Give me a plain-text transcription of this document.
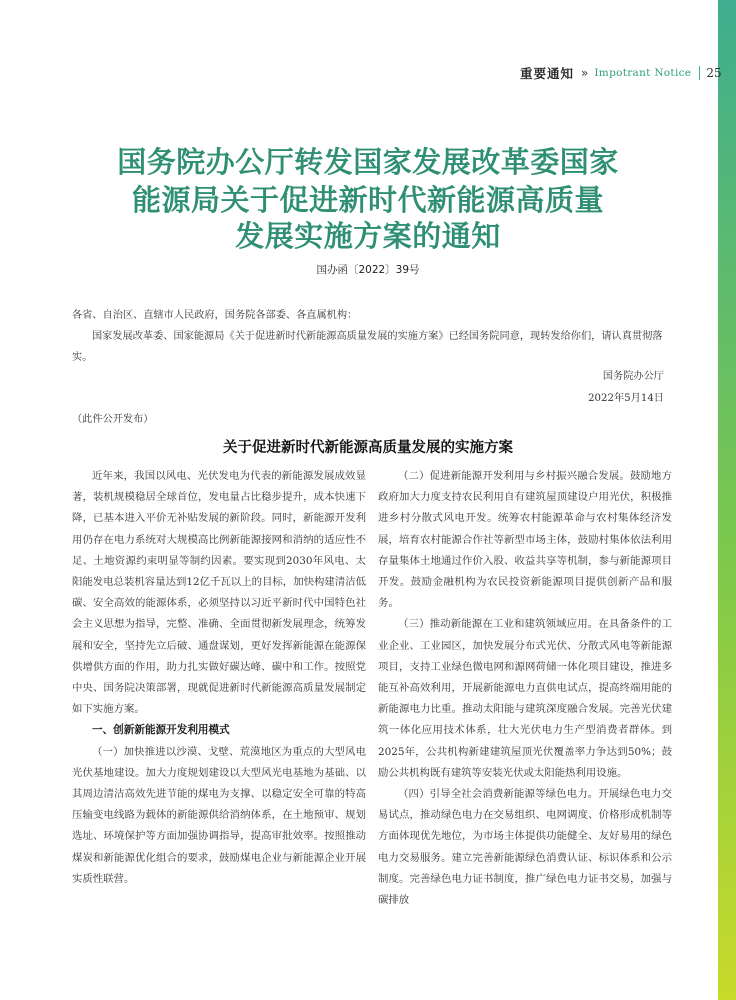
重要通知 » Impotrant Notice 25
国务院办公厅转发国家发展改革委国家
能源局关于促进新时代新能源高质量
发展实施方案的通知
国办函〔2022〕39号
各省、自治区、直辖市人民政府，国务院各部委、各直属机构：

国家发展改革委、国家能源局《关于促进新时代新能源高质量发展的实施方案》已经国务院同意，现转发给你们，请认真贯彻落实。

国务院办公厅
2022年5月14日
（此件公开发布）
关于促进新时代新能源高质量发展的实施方案

近年来，我国以风电、光伏发电为代表的新能源发展成效显著，装机规模稳居全球首位，发电量占比稳步提升，成本快速下降，已基本进入平价无补贴发展的新阶段。同时，新能源开发利用仍存在电力系统对大规模高比例新能源接网和消纳的适应性不足、土地资源约束明显等制约因素。要实现到2030年风电、太阳能发电总装机容量达到12亿千瓦以上的目标，加快构建清洁低碳、安全高效的能源体系，必须坚持以习近平新时代中国特色社会主义思想为指导，完整、准确、全面贯彻新发展理念，统筹发展和安全，坚持先立后破、通盘谋划，更好发挥新能源在能源保供增供方面的作用，助力扎实做好碳达峰、碳中和工作。按照党中央、国务院决策部署，现就促进新时代新能源高质量发展制定如下实施方案。

一、创新新能源开发利用模式

（一）加快推进以沙漠、戈壁、荒漠地区为重点的大型风电光伏基地建设。加大力度规划建设以大型风光电基地为基础、以其周边清洁高效先进节能的煤电为支撑、以稳定安全可靠的特高压输变电线路为载体的新能源供给消纳体系，在土地预审、规划选址、环境保护等方面加强协调指导，提高审批效率。按照推动煤炭和新能源优化组合的要求，鼓励煤电企业与新能源企业开展实质性联营。

（二）促进新能源开发利用与乡村振兴融合发展。鼓励地方政府加大力度支持农民利用自有建筑屋顶建设户用光伏，积极推进乡村分散式风电开发。统筹农村能源革命与农村集体经济发展，培育农村能源合作社等新型市场主体，鼓励村集体依法利用存量集体土地通过作价入股、收益共享等机制，参与新能源项目开发。鼓励金融机构为农民投资新能源项目提供创新产品和服务。

（三）推动新能源在工业和建筑领域应用。在具备条件的工业企业、工业园区，加快发展分布式光伏、分散式风电等新能源项目，支持工业绿色微电网和源网荷储一体化项目建设，推进多能互补高效利用，开展新能源电力直供电试点，提高终端用能的新能源电力比重。推动太阳能与建筑深度融合发展。完善光伏建筑一体化应用技术体系，壮大光伏电力生产型消费者群体。到2025年，公共机构新建建筑屋顶光伏覆盖率力争达到50%；鼓励公共机构既有建筑等安装光伏或太阳能热利用设施。

（四）引导全社会消费新能源等绿色电力。开展绿色电力交易试点，推动绿色电力在交易组织、电网调度、价格形成机制等方面体现优先地位，为市场主体提供功能健全、友好易用的绿色电力交易服务。建立完善新能源绿色消费认证、标识体系和公示制度。完善绿色电力证书制度，推广绿色电力证书交易，加强与碳排放
